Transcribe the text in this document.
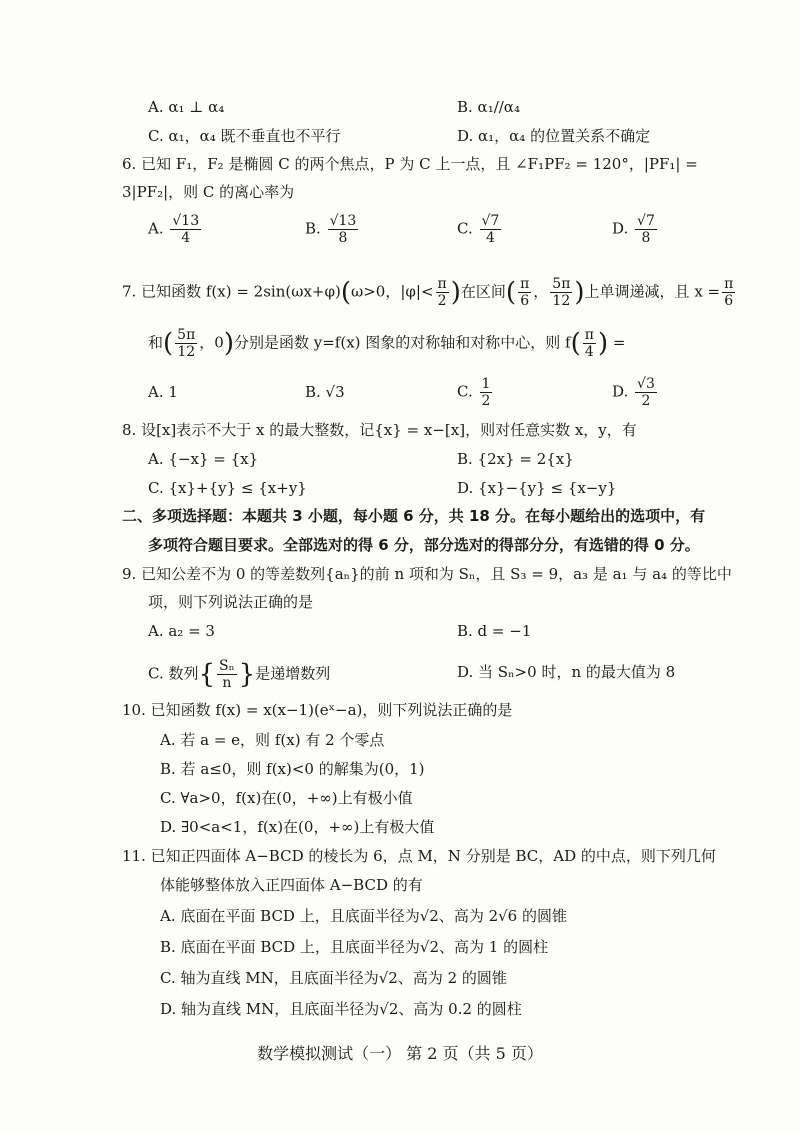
A. α₁ ⊥ α₄	B. α₁//α₄
C. α₁，α₄ 既不垂直也不平行	D. α₁，α₄ 的位置关系不确定
6. 已知 F₁，F₂ 是椭圆 C 的两个焦点，P 为 C 上一点，且 ∠F₁PF₂ = 120°，|PF₁| =
3|PF₂|，则 C 的离心率为
A. $\frac{√13}{4}$	B. $\frac{√13}{8}$	C. $\frac{√7}{4}$	D. $\frac{√7}{8}$
7. 已知函数 f(x) = 2sin(ωx+φ)(ω>0，$|\varphi|< \frac{\pi}{2}$ )在区间( $\frac{\pi}{6}$ ， $\frac{5\pi}{12}$ )上单调递减，且 $x = \frac{\pi}{6}$
和( $\frac{5\pi}{12}$ ，0)分别是函数 y=f(x) 图象的对称轴和对称中心，则 $f( \frac{\pi}{4}$ ) =
A. 1	B. √3	C. $\frac{1}{2}$	D. $\frac{√3}{2}$
8. 设[x]表示不大于 x 的最大整数，记{x} = x−[x]，则对任意实数 x，y，有
A. {−x} = {x}	B. {2x} = 2{x}
C. {x}+{y} ≤ {x+y}	D. {x}−{y} ≤ {x−y}
二、多项选择题：本题共 3 小题，每小题 6 分，共 18 分。在每小题给出的选项中，有
多项符合题目要求。全部选对的得 6 分，部分选对的得部分分，有选错的得 0 分。
9. 已知公差不为 0 的等差数列{aₙ}的前 n 项和为 Sₙ，且 S₃ = 9，a₃ 是 a₁ 与 a₄ 的等比中
项，则下列说法正确的是
A. a₂ = 3	B. d = −1
C. 数列{ $\frac{\text{Sₙ}}{n}$ }是递增数列	D. 当 Sₙ>0 时，n 的最大值为 8
10. 已知函数 f(x) = x(x−1)(eˣ−a)，则下列说法正确的是
A. 若 a = e，则 f(x) 有 2 个零点
B. 若 a≤0，则 f(x)<0 的解集为(0，1)
C. ∀a>0，f(x)在(0，+∞)上有极小值
D. ∃0<a<1，f(x)在(0，+∞)上有极大值
11. 已知正四面体 A−BCD 的棱长为 6，点 M，N 分别是 BC，AD 的中点，则下列几何
体能够整体放入正四面体 A−BCD 的有
A. 底面在平面 BCD 上，且底面半径为√2、高为 2√6 的圆锥
B. 底面在平面 BCD 上，且底面半径为√2、高为 1 的圆柱
C. 轴为直线 MN，且底面半径为√2、高为 2 的圆锥
D. 轴为直线 MN，且底面半径为√2、高为 0.2 的圆柱
数学模拟测试（一） 第 2 页（共 5 页）
